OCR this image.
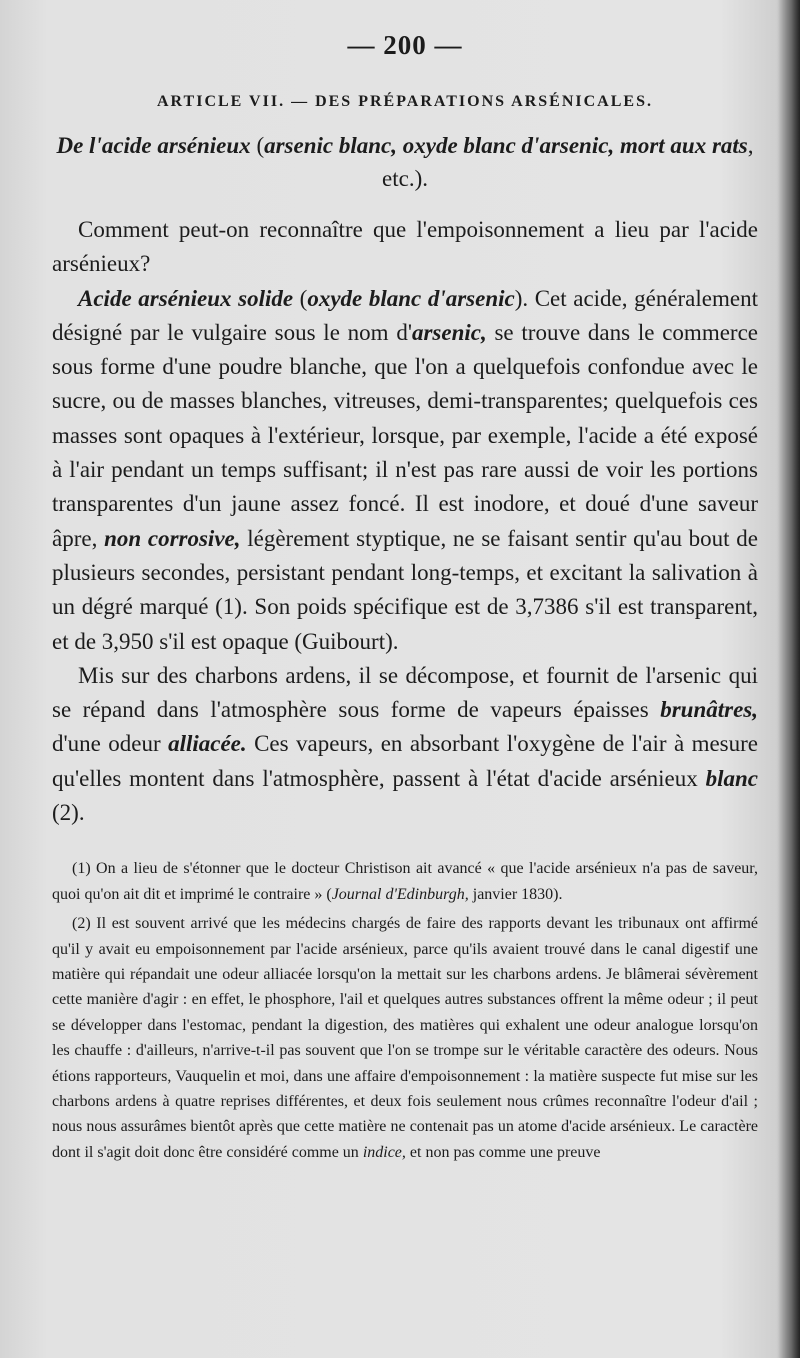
— 200 —
ARTICLE VII. — DES PRÉPARATIONS ARSÉNICALES.
De l'acide arsénieux (arsenic blanc, oxyde blanc d'arsenic, mort aux rats, etc.).

Comment peut-on reconnaître que l'empoisonnement a lieu par l'acide arsénieux?

Acide arsénieux solide (oxyde blanc d'arsenic). Cet acide, généralement désigné par le vulgaire sous le nom d'arsenic, se trouve dans le commerce sous forme d'une poudre blanche, que l'on a quelquefois confondue avec le sucre, ou de masses blanches, vitreuses, demi-transparentes; quelquefois ces masses sont opaques à l'extérieur, lorsque, par exemple, l'acide a été exposé à l'air pendant un temps suffisant; il n'est pas rare aussi de voir les portions transparentes d'un jaune assez foncé. Il est inodore, et doué d'une saveur âpre, non corrosive, légèrement styptique, ne se faisant sentir qu'au bout de plusieurs secondes, persistant pendant long-temps, et excitant la salivation à un dégré marqué (1). Son poids spécifique est de 3,7386 s'il est transparent, et de 3,950 s'il est opaque (Guibourt).

Mis sur des charbons ardens, il se décompose, et fournit de l'arsenic qui se répand dans l'atmosphère sous forme de vapeurs épaisses brunâtres, d'une odeur alliacée. Ces vapeurs, en absorbant l'oxygène de l'air à mesure qu'elles montent dans l'atmosphère, passent à l'état d'acide arsénieux blanc (2).

(1) On a lieu de s'étonner que le docteur Christison ait avancé « que l'acide arsénieux n'a pas de saveur, quoi qu'on ait dit et imprimé le contraire » (Journal d'Edinburgh, janvier 1830).

(2) Il est souvent arrivé que les médecins chargés de faire des rapports devant les tribunaux ont affirmé qu'il y avait eu empoisonnement par l'acide arsénieux, parce qu'ils avaient trouvé dans le canal digestif une matière qui répandait une odeur alliacée lorsqu'on la mettait sur les charbons ardens. Je blâmerai sévèrement cette manière d'agir : en effet, le phosphore, l'ail et quelques autres substances offrent la même odeur ; il peut se développer dans l'estomac, pendant la digestion, des matières qui exhalent une odeur analogue lorsqu'on les chauffe : d'ailleurs, n'arrive-t-il pas souvent que l'on se trompe sur le véritable caractère des odeurs. Nous étions rapporteurs, Vauquelin et moi, dans une affaire d'empoisonnement : la matière suspecte fut mise sur les charbons ardens à quatre reprises différentes, et deux fois seulement nous crûmes reconnaître l'odeur d'ail ; nous nous assurâmes bientôt après que cette matière ne contenait pas un atome d'acide arsénieux. Le caractère dont il s'agit doit donc être considéré comme un indice, et non pas comme une preuve
